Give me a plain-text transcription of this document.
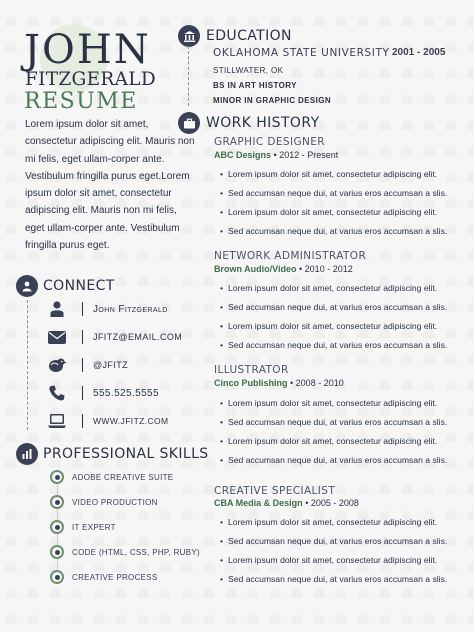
JOHN
FITZGERALD
RESUME
Lorem ipsum dolor sit amet, consectetur adipiscing elit. Mauris non mi felis, eget ullam-corper ante. Vestibulum fringilla purus eget.Lorem ipsum dolor sit amet, consectetur adipiscing elit. Mauris non mi felis, eget ullam-corper ante. Vestibulum fringilla purus eget.
CONNECT
John Fitzgerald
JFITZ@EMAIL.COM
@JFITZ
555.525.5555
WWW.JFITZ.COM
PROFESSIONAL SKILLS
ADOBE CREATIVE SUITE
VIDEO PRODUCTION
IT EXPERT
CODE (HTML, CSS, PHP, RUBY)
CREATIVE PROCESS
EDUCATION
OKLAHOMA STATE UNIVERSITY 2001 - 2005
STILLWATER, OK
BS IN ART HISTORY
MINOR IN GRAPHIC DESIGN
WORK HISTORY
GRAPHIC DESIGNER
ABC Designs • 2012 - Present
• Lorem ipsum dolor sit amet, consectetur adipiscing elit.
• Sed accumsan neque dui, at varius eros accumsan a slis.
• Lorem ipsum dolor sit amet, consectetur adipiscing elit.
• Sed accumsan neque dui, at varius eros accumsan a slis.
NETWORK ADMINISTRATOR
Brown Audio/Video • 2010 - 2012
• Lorem ipsum dolor sit amet, consectetur adipiscing elit.
• Sed accumsan neque dui, at varius eros accumsan a slis.
• Lorem ipsum dolor sit amet, consectetur adipiscing elit.
• Sed accumsan neque dui, at varius eros accumsan a slis.
ILLUSTRATOR
Cinco Publishing • 2008 - 2010
• Lorem ipsum dolor sit amet, consectetur adipiscing elit.
• Sed accumsan neque dui, at varius eros accumsan a slis.
• Lorem ipsum dolor sit amet, consectetur adipiscing elit.
• Sed accumsan neque dui, at varius eros accumsan a slis.
CREATIVE SPECIALIST
CBA Media & Design • 2005 - 2008
• Lorem ipsum dolor sit amet, consectetur adipiscing elit.
• Sed accumsan neque dui, at varius eros accumsan a slis.
• Lorem ipsum dolor sit amet, consectetur adipiscing elit.
• Sed accumsan neque dui, at varius eros accumsan a slis.
